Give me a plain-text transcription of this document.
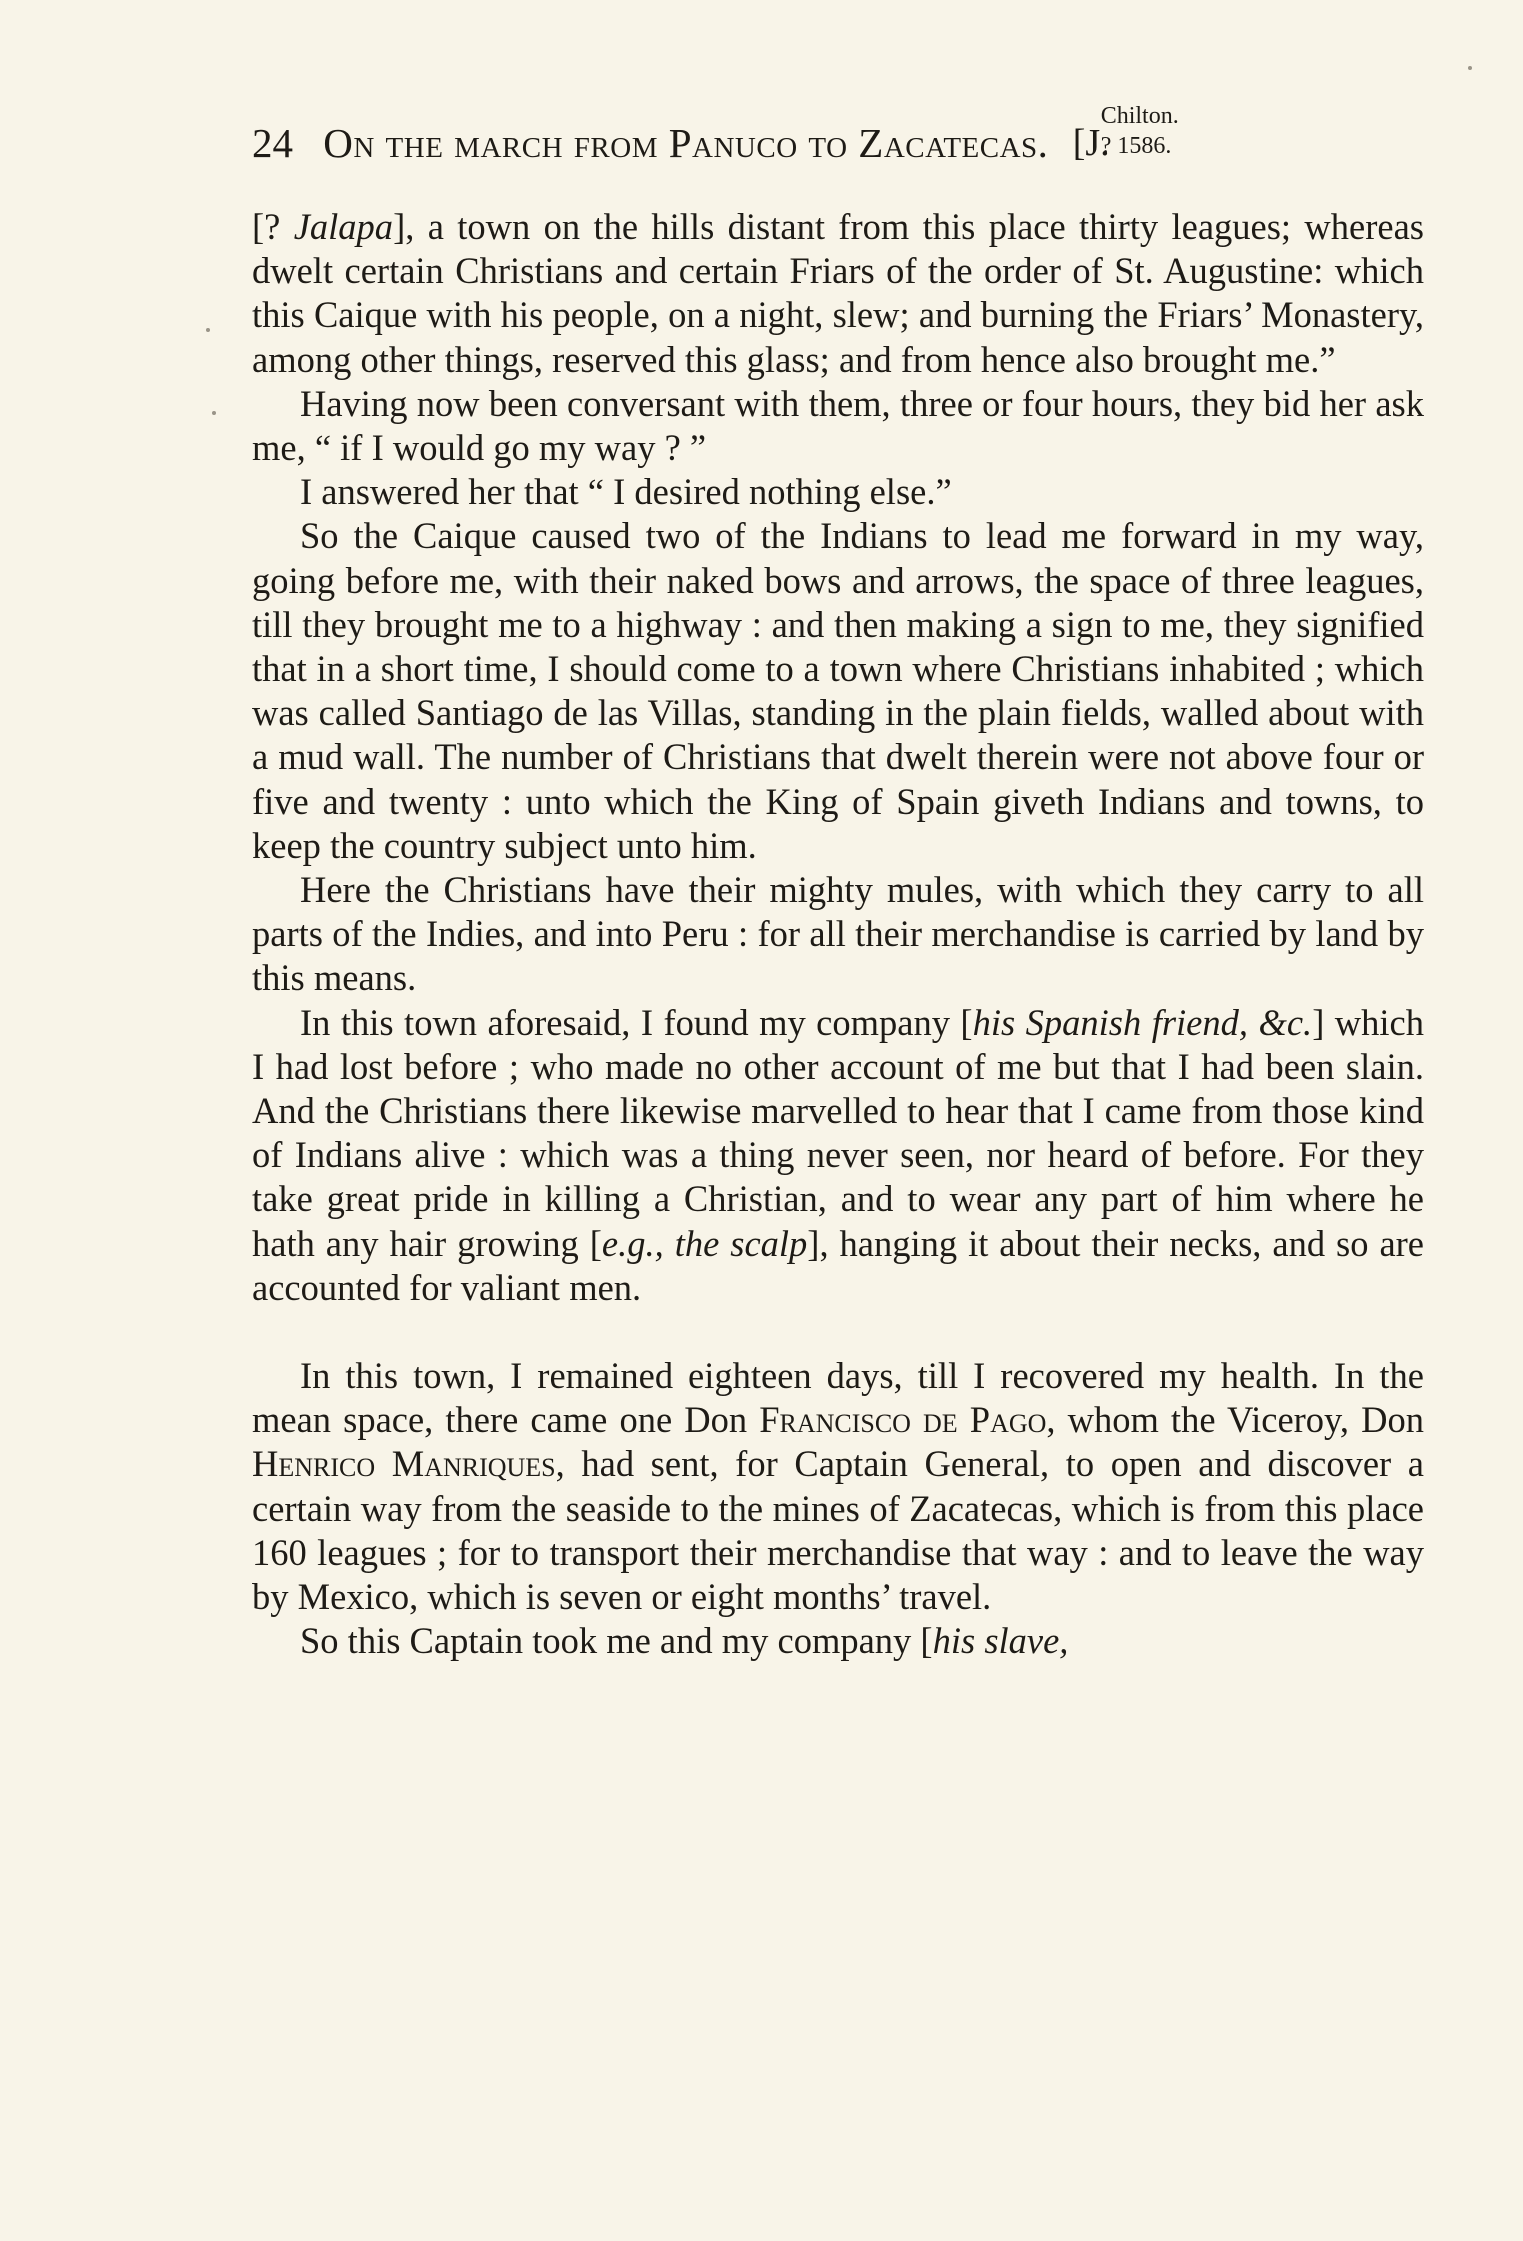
24 On the march from Panuco to Zacatecas. [J.
Chilton.
? 1586.

[? Jalapa], a town on the hills distant from this place thirty leagues; whereas dwelt certain Christians and certain Friars of the order of St. Augustine: which this Caique with his people, on a night, slew; and burning the Friars’ Monastery, among other things, reserved this glass; and from hence also brought me.”

Having now been conversant with them, three or four hours, they bid her ask me, “ if I would go my way ? ”

I answered her that “ I desired nothing else.”

So the Caique caused two of the Indians to lead me forward in my way, going before me, with their naked bows and arrows, the space of three leagues, till they brought me to a highway : and then making a sign to me, they signified that in a short time, I should come to a town where Christians inhabited ; which was called Santiago de las Villas, standing in the plain fields, walled about with a mud wall. The number of Christians that dwelt therein were not above four or five and twenty : unto which the King of Spain giveth Indians and towns, to keep the country subject unto him.

Here the Christians have their mighty mules, with which they carry to all parts of the Indies, and into Peru : for all their merchandise is carried by land by this means.

In this town aforesaid, I found my company [his Spanish friend, &c.] which I had lost before ; who made no other account of me but that I had been slain. And the Christians there likewise marvelled to hear that I came from those kind of Indians alive : which was a thing never seen, nor heard of before. For they take great pride in killing a Christian, and to wear any part of him where he hath any hair growing [e.g., the scalp], hanging it about their necks, and so are accounted for valiant men.

In this town, I remained eighteen days, till I recovered my health. In the mean space, there came one Don Francisco de Pago, whom the Viceroy, Don Henrico Manriques, had sent, for Captain General, to open and discover a certain way from the seaside to the mines of Zacatecas, which is from this place 160 leagues ; for to transport their merchandise that way : and to leave the way by Mexico, which is seven or eight months’ travel.

So this Captain took me and my company [his slave,
